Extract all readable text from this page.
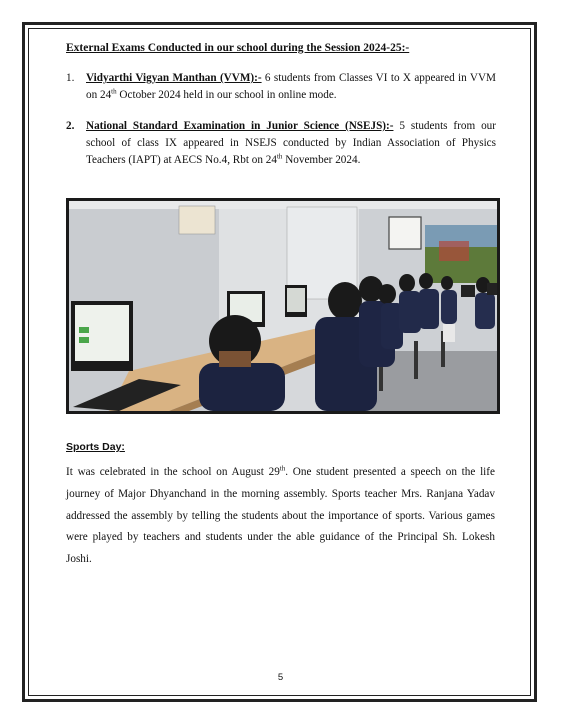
External Exams Conducted in our school during the Session 2024-25:-
1.	Vidyarthi Vigyan Manthan (VVM):- 6 students from Classes VI to X appeared in VVM on 24th October 2024 held in our school in online mode.
2.	National Standard Examination in Junior Science (NSEJS):- 5 students from our school of class IX appeared in NSEJS conducted by Indian Association of Physics Teachers (IAPT) at AECS No.4, Rbt on 24th November 2024.
Sports Day:
It was celebrated in the school on August 29th. One student presented a speech on the life journey of Major Dhyanchand in the morning assembly. Sports teacher Mrs. Ranjana Yadav addressed the assembly by telling the students about the importance of sports. Various games were played by teachers and students under the able guidance of the Principal Sh. Lokesh Joshi.
5
